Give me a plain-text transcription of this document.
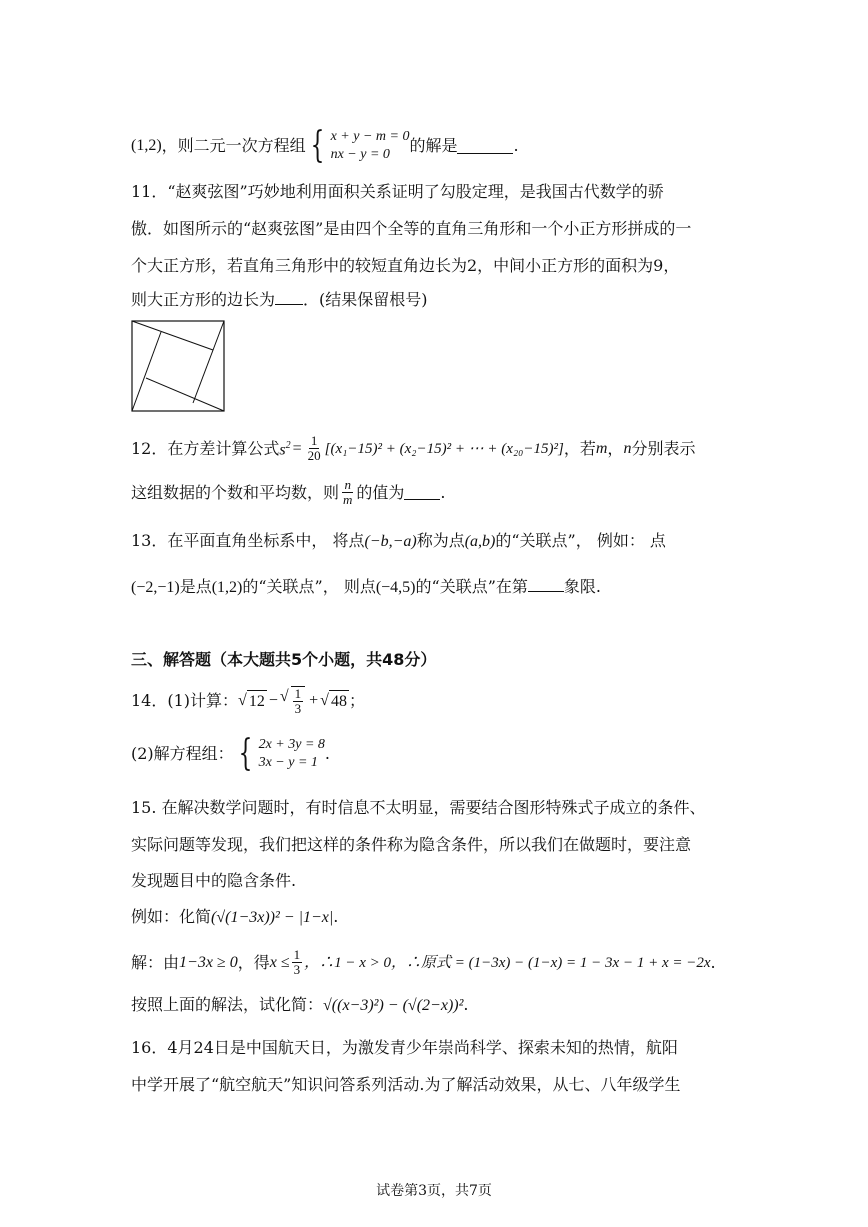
(1,2) ，则二元一次方程组 { x + y − m = 0
nx − y = 0	的解是	.
11．“赵爽弦图”巧妙地利用面积关系证明了勾股定理，是我国古代数学的骄
傲．如图所示的“赵爽弦图”是由四个全等的直角三角形和一个小正方形拼成的一
个大正方形，若直角三角形中的较短直角边长为2，中间小正方形的面积为9，
则大正方形的边长为 ．(结果保留根号)
12．在方差计算公式 $s^2 = \frac{1}{20} [(x_1-15)^2 + (x_2-15)^2$ + ⋯ + (x₂₀−15)²] ，若 m ， n 分别表示
这组数据的个数和平均数，则 $\frac{n}{m}$ 的值为 .
13．在平面直角坐标系中， 将点(−b,−a)称为点(a,b)的“关联点”， 例如： 点
(−2,−1)是点(1,2)的“关联点”， 则点(−4,5)的“关联点”在第 象限.
三、解答题（本大题共5个小题，共48分）
14．(1)计算： √ 12 − √ $\frac{1}{3}$ + √ 48 ；
(2)解方程组： { 2x + 3y = 8
3x − y = 1 .
15. 在解决数学问题时，有时信息不太明显，需要结合图形特殊式子成立的条件、
实际问题等发现，我们把这样的条件称为隐含条件，所以我们在做题时，要注意
发现题目中的隐含条件.
例如：化简(√(1−3x))² − |1−x|.
解：由 1−3x ≥ 0 ，得 $x \le \frac{1}{3}$ ，∴1 − x > 0，∴原式 = (1−3x) − (1−x) = 1 − 3x − 1 + x = −2x .
按照上面的解法，试化简：√((x−3)²) − (√(2−x))².
16．4月24日是中国航天日，为激发青少年崇尚科学、探索未知的热情，航阳
中学开展了“航空航天”知识问答系列活动.为了解活动效果，从七、八年级学生
试卷第3页，共7页
